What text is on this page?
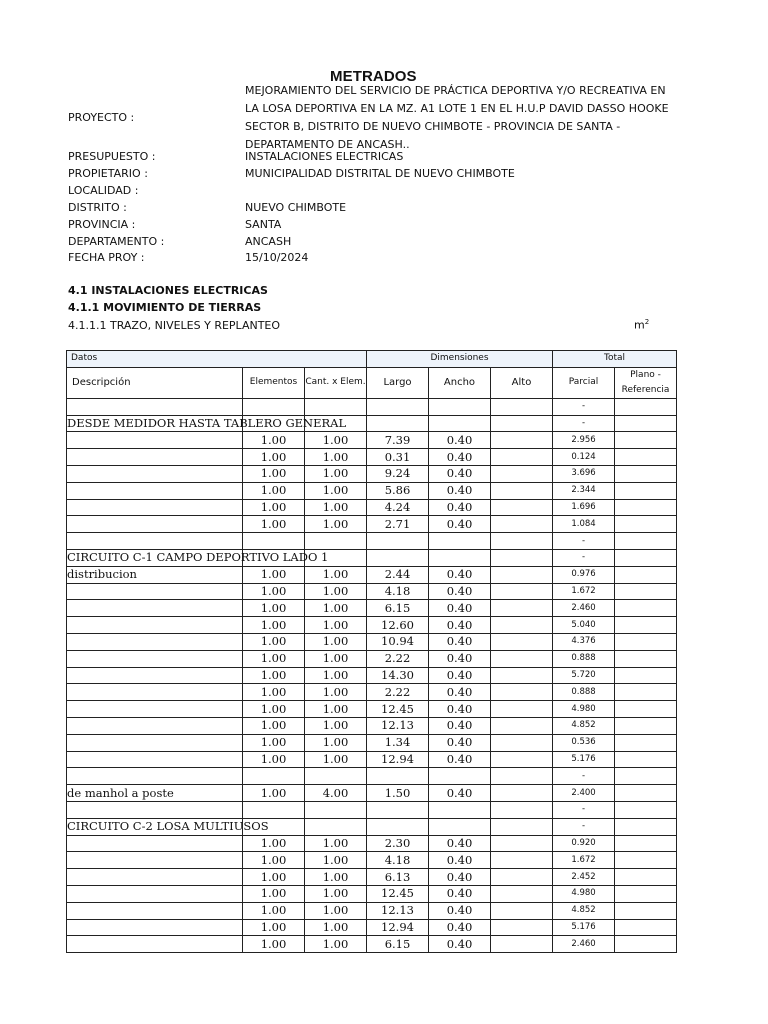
METRADOS
PROYECTO :
MEJORAMIENTO DEL SERVICIO DE PRÁCTICA DEPORTIVA Y/O RECREATIVA EN
LA LOSA DEPORTIVA EN LA MZ. A1 LOTE 1 EN EL H.U.P DAVID DASSO HOOKE
SECTOR B, DISTRITO DE NUEVO CHIMBOTE - PROVINCIA DE SANTA -
DEPARTAMENTO DE ANCASH..
PRESUPUESTO :	INSTALACIONES ELECTRICAS
PROPIETARIO :	MUNICIPALIDAD DISTRITAL DE NUEVO CHIMBOTE
LOCALIDAD :
DISTRITO :	NUEVO CHIMBOTE
PROVINCIA :	SANTA
DEPARTAMENTO :	ANCASH
FECHA PROY :	15/10/2024
4.1 INSTALACIONES ELECTRICAS
4.1.1 MOVIMIENTO DE TIERRAS
4.1.1.1 TRAZO, NIVELES Y REPLANTEO	$m^2$
Datos			Dimensiones			Total	
Descripción	Elementos	Cant. x Elem.	Largo	Ancho	Alto	Parcial	Plano - Referencia
						-	
DESDE MEDIDOR HASTA TABLERO GENERAL						-	
	1.00	1.00	7.39	0.40		2.956	
	1.00	1.00	0.31	0.40		0.124	
	1.00	1.00	9.24	0.40		3.696	
	1.00	1.00	5.86	0.40		2.344	
	1.00	1.00	4.24	0.40		1.696	
	1.00	1.00	2.71	0.40		1.084	
						-	
CIRCUITO C-1 CAMPO DEPORTIVO LADO 1						-	
distribucion	1.00	1.00	2.44	0.40		0.976	
	1.00	1.00	4.18	0.40		1.672	
	1.00	1.00	6.15	0.40		2.460	
	1.00	1.00	12.60	0.40		5.040	
	1.00	1.00	10.94	0.40		4.376	
	1.00	1.00	2.22	0.40		0.888	
	1.00	1.00	14.30	0.40		5.720	
	1.00	1.00	2.22	0.40		0.888	
	1.00	1.00	12.45	0.40		4.980	
	1.00	1.00	12.13	0.40		4.852	
	1.00	1.00	1.34	0.40		0.536	
	1.00	1.00	12.94	0.40		5.176	
						-	
de manhol a poste	1.00	4.00	1.50	0.40		2.400	
						-	
CIRCUITO C-2 LOSA MULTIUSOS						-	
	1.00	1.00	2.30	0.40		0.920	
	1.00	1.00	4.18	0.40		1.672	
	1.00	1.00	6.13	0.40		2.452	
	1.00	1.00	12.45	0.40		4.980	
	1.00	1.00	12.13	0.40		4.852	
	1.00	1.00	12.94	0.40		5.176	
	1.00	1.00	6.15	0.40		2.460	
